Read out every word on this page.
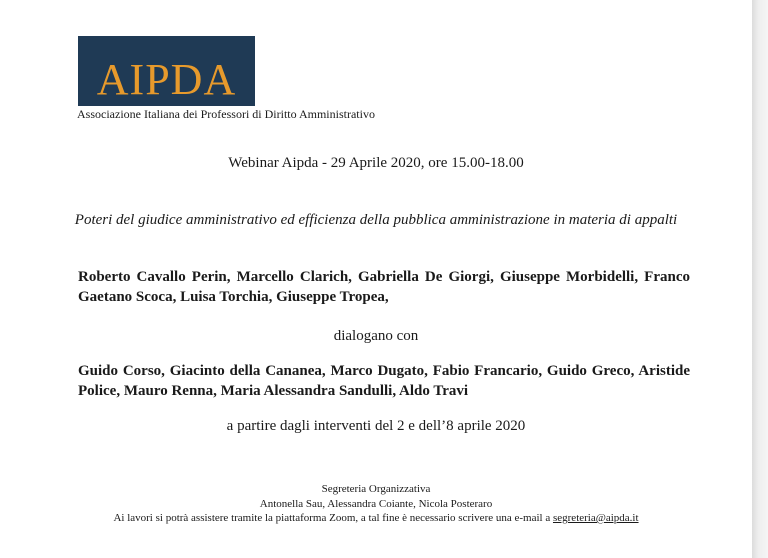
AIPDA
Associazione Italiana dei Professori di Diritto Amministrativo
Webinar Aipda - 29 Aprile 2020, ore 15.00-18.00
Poteri del giudice amministrativo ed efficienza della pubblica amministrazione in materia di appalti
Roberto Cavallo Perin, Marcello Clarich, Gabriella De Giorgi, Giuseppe Morbidelli, Franco Gaetano Scoca, Luisa Torchia, Giuseppe Tropea,
dialogano con
Guido Corso, Giacinto della Cananea, Marco Dugato, Fabio Francario, Guido Greco, Aristide Police, Mauro Renna, Maria Alessandra Sandulli, Aldo Travi
a partire dagli interventi del 2 e dell’8 aprile 2020
Segreteria Organizzativa
Antonella Sau, Alessandra Coiante, Nicola Posteraro
Ai lavori si potrà assistere tramite la piattaforma Zoom, a tal fine è necessario scrivere una e-mail a segreteria@aipda.it
